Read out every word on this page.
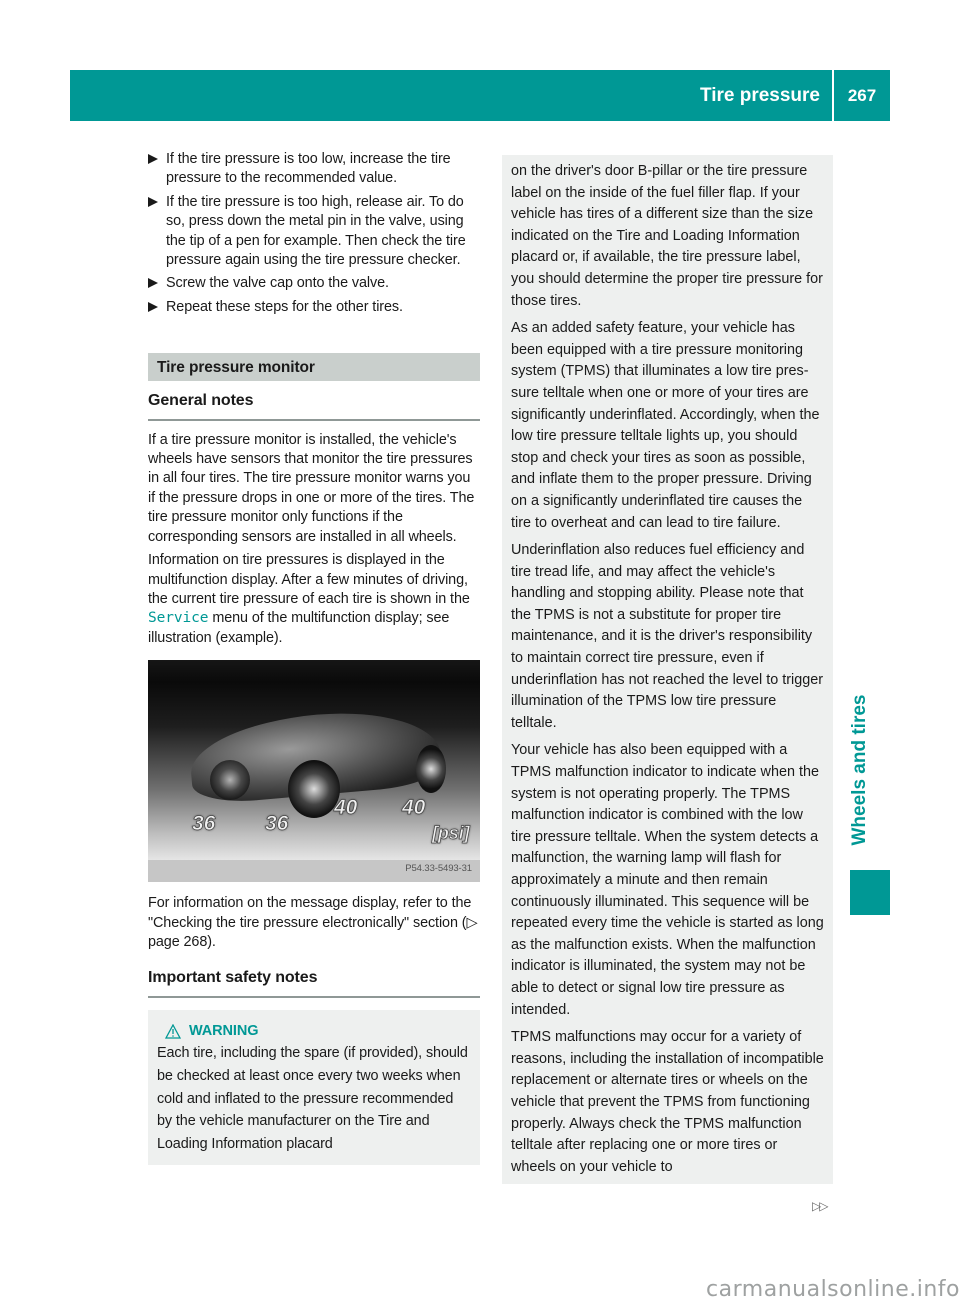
Tire pressure	267
If the tire pressure is too low, increase the tire pressure to the recommended value.
If the tire pressure is too high, release air. To do so, press down the metal pin in the valve, using the tip of a pen for example. Then check the tire pressure again using the tire pressure checker.
Screw the valve cap onto the valve.
Repeat these steps for the other tires.
Tire pressure monitor
General notes
If a tire pressure monitor is installed, the vehicle's wheels have sensors that monitor the tire pressures in all four tires. The tire pressure monitor warns you if the pressure drops in one or more of the tires. The tire pressure monitor only functions if the corresponding sensors are installed in all wheels.
Information on tire pressures is displayed in the multifunction display. After a few minutes of driving, the current tire pressure of each tire is shown in the Service menu of the multifunction display; see illustration (example).
36 36
40 40
[psi]
P54.33-5493-31
For information on the message display, refer to the "Checking the tire pressure electronically" section (▷ page 268).
Important safety notes
WARNING
Each tire, including the spare (if provided), should be checked at least once every two weeks when cold and inflated to the pressure recommended by the vehicle manufacturer on the Tire and Loading Information placard

on the driver's door B-pillar or the tire pressure label on the inside of the fuel filler flap. If your vehicle has tires of a different size than the size indicated on the Tire and Loading Information placard or, if available, the tire pressure label, you should determine the proper tire pressure for those tires.

As an added safety feature, your vehicle has been equipped with a tire pressure monitoring system (TPMS) that illuminates a low tire pressure telltale when one or more of your tires are significantly underinflated. Accordingly, when the low tire pressure telltale lights up, you should stop and check your tires as soon as possible, and inflate them to the proper pressure. Driving on a significantly underinflated tire causes the tire to overheat and can lead to tire failure.

Underinflation also reduces fuel efficiency and tire tread life, and may affect the vehicle's handling and stopping ability. Please note that the TPMS is not a substitute for proper tire maintenance, and it is the driver's responsibility to maintain correct tire pressure, even if underinflation has not reached the level to trigger illumination of the TPMS low tire pressure telltale.

Your vehicle has also been equipped with a TPMS malfunction indicator to indicate when the system is not operating properly. The TPMS malfunction indicator is combined with the low tire pressure telltale. When the system detects a malfunction, the warning lamp will flash for approximately a minute and then remain continuously illuminated. This sequence will be repeated every time the vehicle is started as long as the malfunction exists. When the malfunction indicator is illuminated, the system may not be able to detect or signal low tire pressure as intended.

TPMS malfunctions may occur for a variety of reasons, including the installation of incompatible replacement or alternate tires or wheels on the vehicle that prevent the TPMS from functioning properly. Always check the TPMS malfunction telltale after replacing one or more tires or wheels on your vehicle to

▷▷
Wheels and tires
carmanualsonline.info
